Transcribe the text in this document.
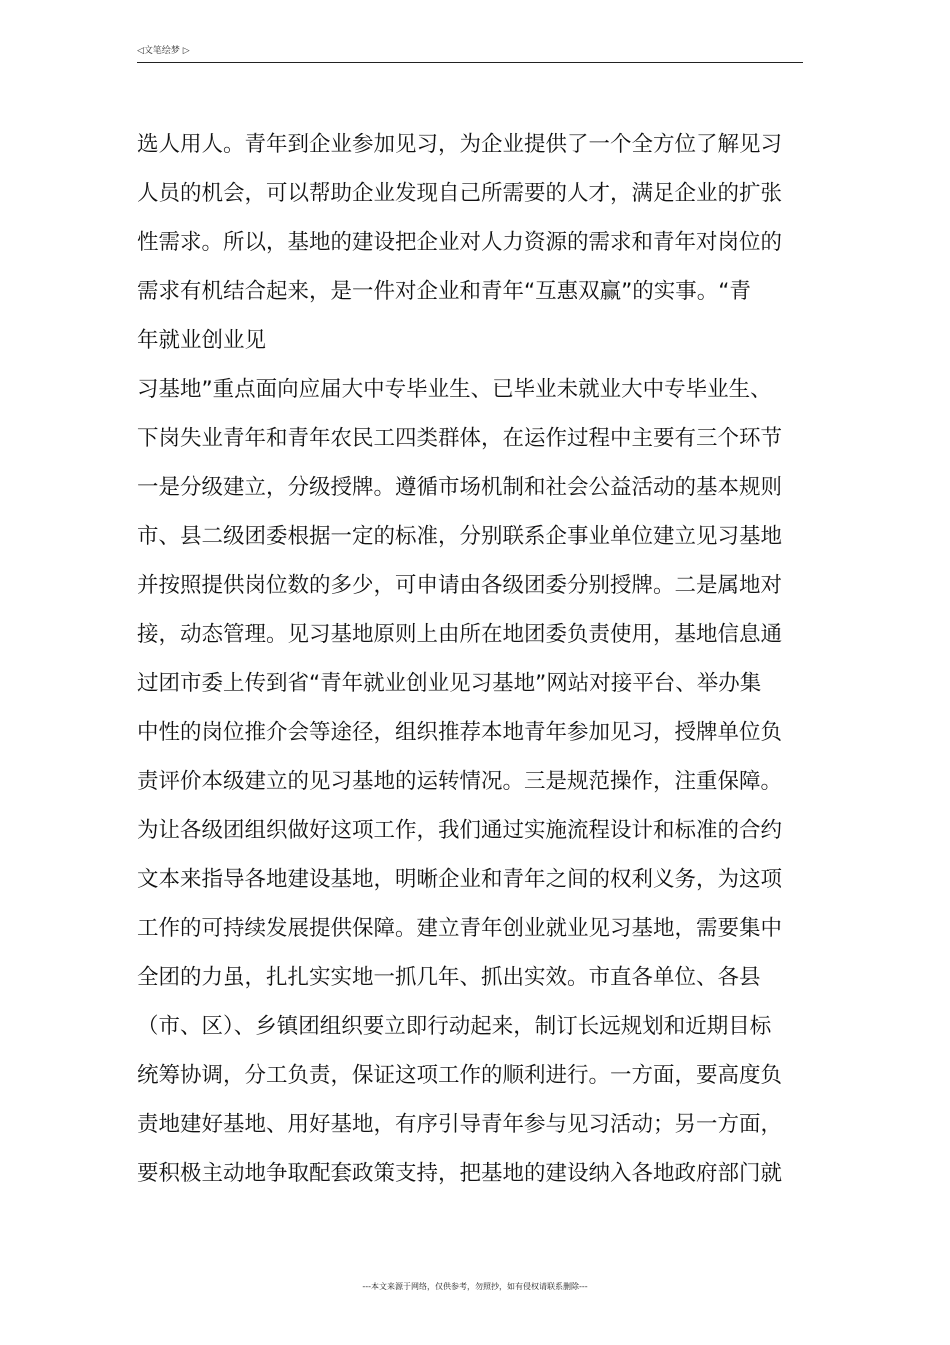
◁文笔绘梦 ▷
选人用人。青年到企业参加见习，为企业提供了一个全方位了解见习
人员的机会，可以帮助企业发现自己所需要的人才，满足企业的扩张
性需求。所以，基地的建设把企业对人力资源的需求和青年对岗位的
需求有机结合起来，是一件对企业和青年“互惠双赢”的实事。“青
年就业创业见
习基地”重点面向应届大中专毕业生、已毕业未就业大中专毕业生、
下岗失业青年和青年农民工四类群体，在运作过程中主要有三个环节
一是分级建立，分级授牌。遵循市场机制和社会公益活动的基本规则
市、县二级团委根据一定的标准，分别联系企事业单位建立见习基地
并按照提供岗位数的多少，可申请由各级团委分别授牌。二是属地对
接，动态管理。见习基地原则上由所在地团委负责使用，基地信息通
过团市委上传到省“青年就业创业见习基地”网站对接平台、举办集
中性的岗位推介会等途径，组织推荐本地青年参加见习，授牌单位负
责评价本级建立的见习基地的运转情况。三是规范操作，注重保障。
为让各级团组织做好这项工作，我们通过实施流程设计和标准的合约
文本来指导各地建设基地，明晰企业和青年之间的权利义务，为这项
工作的可持续发展提供保障。建立青年创业就业见习基地，需要集中
全团的力虽，扎扎实实地一抓几年、抓出实效。市直各单位、各县
（市、区）、乡镇团组织要立即行动起来，制订长远规划和近期目标
统筹协调，分工负责，保证这项工作的顺利进行。一方面，要高度负
责地建好基地、用好基地，有序引导青年参与见习活动；另一方面，
要积极主动地争取配套政策支持，把基地的建设纳入各地政府部门就
---本文来源于网络，仅供参考，勿照抄，如有侵权请联系删除---
